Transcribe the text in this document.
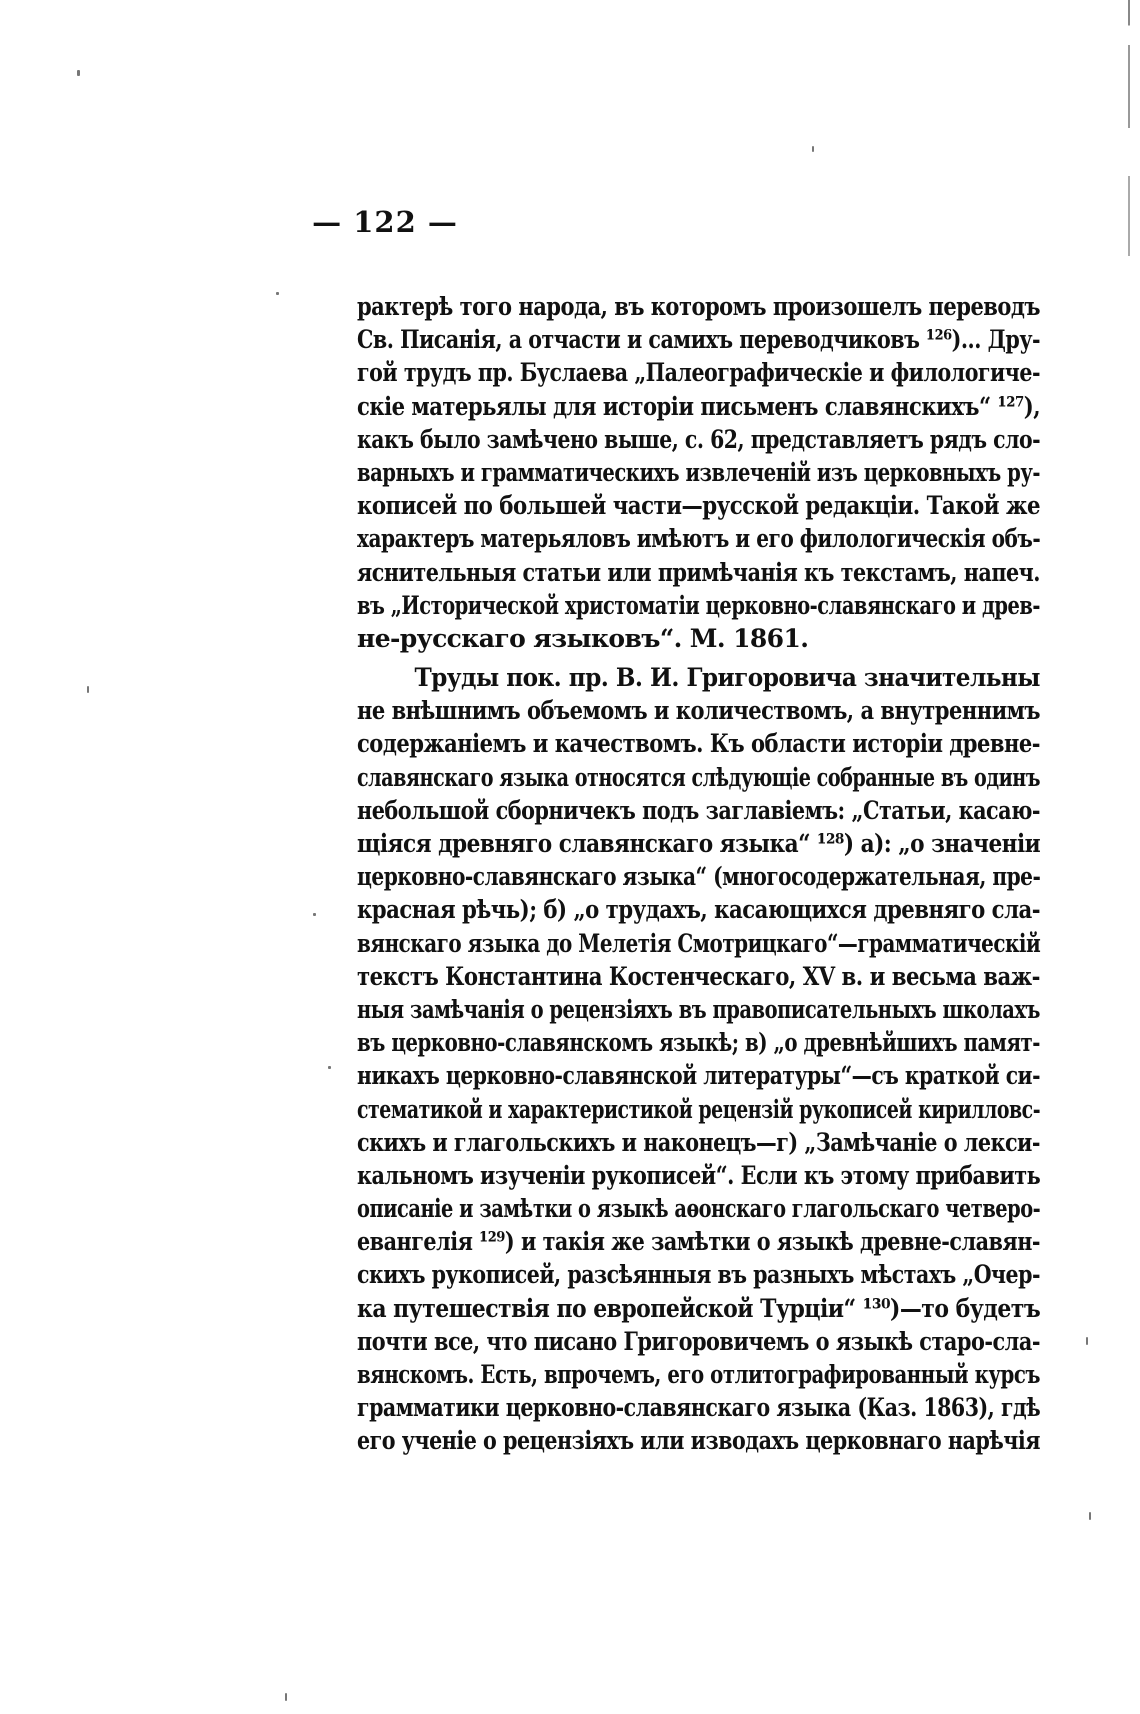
— 122 —
рактерѣ того народа, въ которомъ произошелъ переводъ
Св. Писанія, а отчасти и самихъ переводчиковъ ¹²⁶)... Дру-
гой трудъ пр. Буслаева „Палеографическіе и филологиче-
скіе матерьялы для исторіи письменъ славянскихъ“ ¹²⁷),
какъ было замѣчено выше, с. 62, представляетъ рядъ сло-
варныхъ и грамматическихъ извлеченій изъ церковныхъ ру-
кописей по большей части—русской редакціи. Такой же
характеръ матерьяловъ имѣютъ и его филологическія объ-
яснительныя статьи или примѣчанія къ текстамъ, напеч.
въ „Исторической христоматіи церковно-славянскаго и древ-
не-русскаго языковъ“. М. 1861.
Труды пок. пр. В. И. Григоровича значительны
не внѣшнимъ объемомъ и количествомъ, а внутреннимъ
содержаніемъ и качествомъ. Къ области исторіи древне-
славянскаго языка относятся слѣдующіе собранные въ одинъ
небольшой сборничекъ подъ заглавіемъ: „Статьи, касаю-
щіяся древняго славянскаго языка“ ¹²⁸) а): „о значеніи
церковно-славянскаго языка“ (многосодержательная, пре-
красная рѣчь); б) „о трудахъ, касающихся древняго сла-
вянскаго языка до Мелетія Смотрицкаго“—грамматическій
текстъ Константина Костенческаго, XV в. и весьма важ-
ныя замѣчанія о рецензіяхъ въ правописательныхъ школахъ
въ церковно-славянскомъ языкѣ; в) „о древнѣйшихъ памят-
никахъ церковно-славянской литературы“—съ краткой си-
стематикой и характеристикой рецензій рукописей кирилловс-
скихъ и глагольскихъ и наконецъ—г) „Замѣчаніе о лекси-
кальномъ изученіи рукописей“. Если къ этому прибавить
описаніе и замѣтки о языкѣ аѳонскаго глагольскаго четверо-
евангелія ¹²⁹) и такія же замѣтки о языкѣ древне-славян-
скихъ рукописей, разсѣянныя въ разныхъ мѣстахъ „Очер-
ка путешествія по европейской Турціи“ ¹³⁰)—то будетъ
почти все, что писано Григоровичемъ о языкѣ старо-сла-
вянскомъ. Есть, впрочемъ, его отлитографированный курсъ
грамматики церковно-славянскаго языка (Каз. 1863), гдѣ
его ученіе о рецензіяхъ или изводахъ церковнаго нарѣчія
